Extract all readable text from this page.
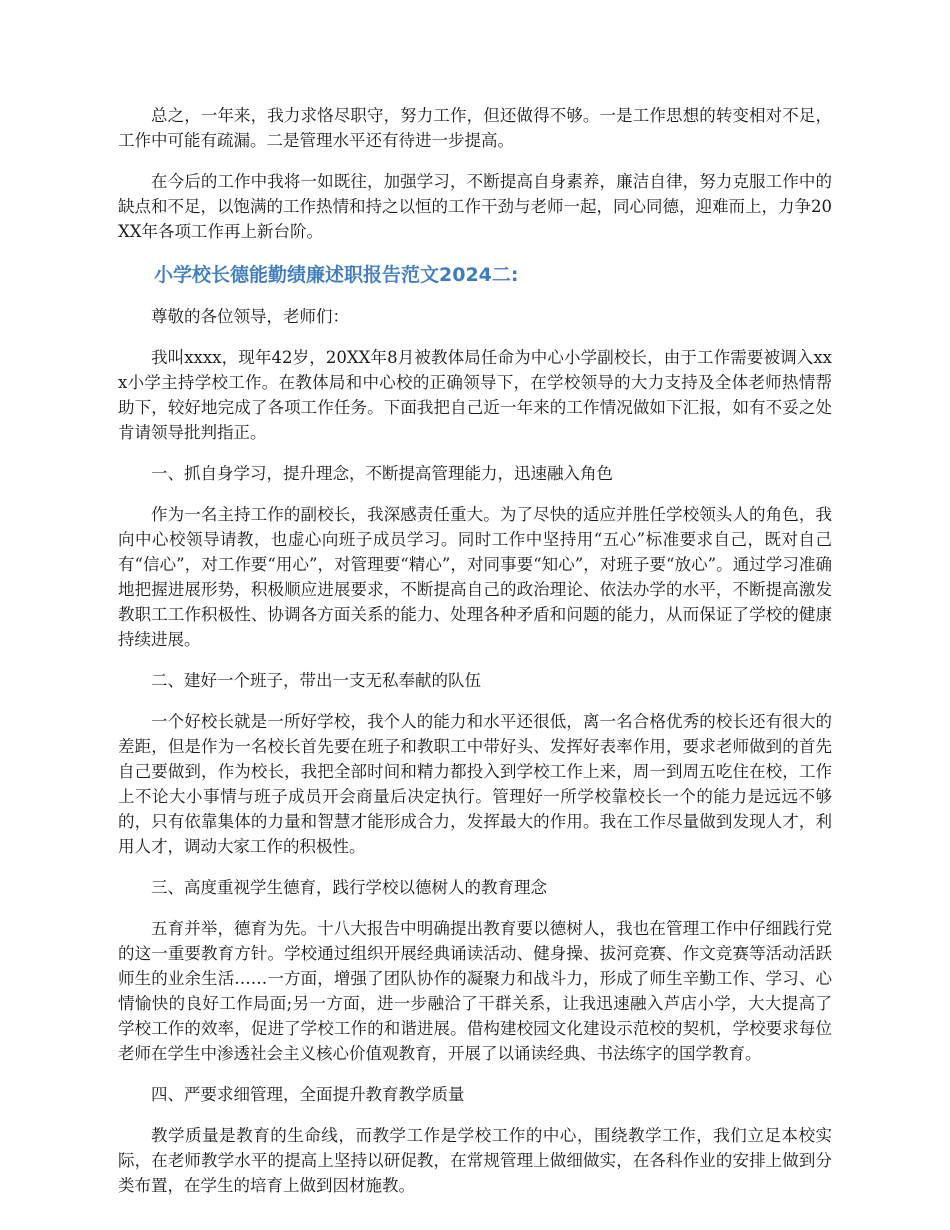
总之，一年来，我力求恪尽职守，努力工作，但还做得不够。一是工作思想的转变相对不足，工作中可能有疏漏。二是管理水平还有待进一步提高。

在今后的工作中我将一如既往，加强学习，不断提高自身素养，廉洁自律，努力克服工作中的缺点和不足，以饱满的工作热情和持之以恒的工作干劲与老师一起，同心同德，迎难而上，力争20XX年各项工作再上新台阶。

小学校长德能勤绩廉述职报告范文2024二:

尊敬的各位领导，老师们：

我叫xxxx，现年42岁，20XX年8月被教体局任命为中心小学副校长，由于工作需要被调入xxx小学主持学校工作。在教体局和中心校的正确领导下，在学校领导的大力支持及全体老师热情帮助下，较好地完成了各项工作任务。下面我把自己近一年来的工作情况做如下汇报，如有不妥之处肯请领导批判指正。

一、抓自身学习，提升理念，不断提高管理能力，迅速融入角色

作为一名主持工作的副校长，我深感责任重大。为了尽快的适应并胜任学校领头人的角色，我向中心校领导请教，也虚心向班子成员学习。同时工作中坚持用“五心”标准要求自己，既对自己有“信心”，对工作要“用心”，对管理要“精心”，对同事要“知心”，对班子要“放心”。通过学习准确地把握进展形势，积极顺应进展要求，不断提高自己的政治理论、依法办学的水平，不断提高激发教职工工作积极性、协调各方面关系的能力、处理各种矛盾和问题的能力，从而保证了学校的健康持续进展。

二、建好一个班子，带出一支无私奉献的队伍

一个好校长就是一所好学校，我个人的能力和水平还很低，离一名合格优秀的校长还有很大的差距，但是作为一名校长首先要在班子和教职工中带好头、发挥好表率作用，要求老师做到的首先自己要做到，作为校长，我把全部时间和精力都投入到学校工作上来，周一到周五吃住在校，工作上不论大小事情与班子成员开会商量后决定执行。管理好一所学校靠校长一个的能力是远远不够的，只有依靠集体的力量和智慧才能形成合力，发挥最大的作用。我在工作尽量做到发现人才，利用人才，调动大家工作的积极性。

三、高度重视学生德育，践行学校以德树人的教育理念

五育并举，德育为先。十八大报告中明确提出教育要以德树人，我也在管理工作中仔细践行党的这一重要教育方针。学校通过组织开展经典诵读活动、健身操、拔河竞赛、作文竞赛等活动活跃师生的业余生活……一方面，增强了团队协作的凝聚力和战斗力，形成了师生辛勤工作、学习、心情愉快的良好工作局面;另一方面，进一步融洽了干群关系，让我迅速融入芦店小学，大大提高了学校工作的效率，促进了学校工作的和谐进展。借构建校园文化建设示范校的契机，学校要求每位老师在学生中渗透社会主义核心价值观教育，开展了以诵读经典、书法练字的国学教育。

四、严要求细管理，全面提升教育教学质量

教学质量是教育的生命线，而教学工作是学校工作的中心，围绕教学工作，我们立足本校实际，在老师教学水平的提高上坚持以研促教，在常规管理上做细做实，在各科作业的安排上做到分类布置，在学生的培育上做到因材施教。
